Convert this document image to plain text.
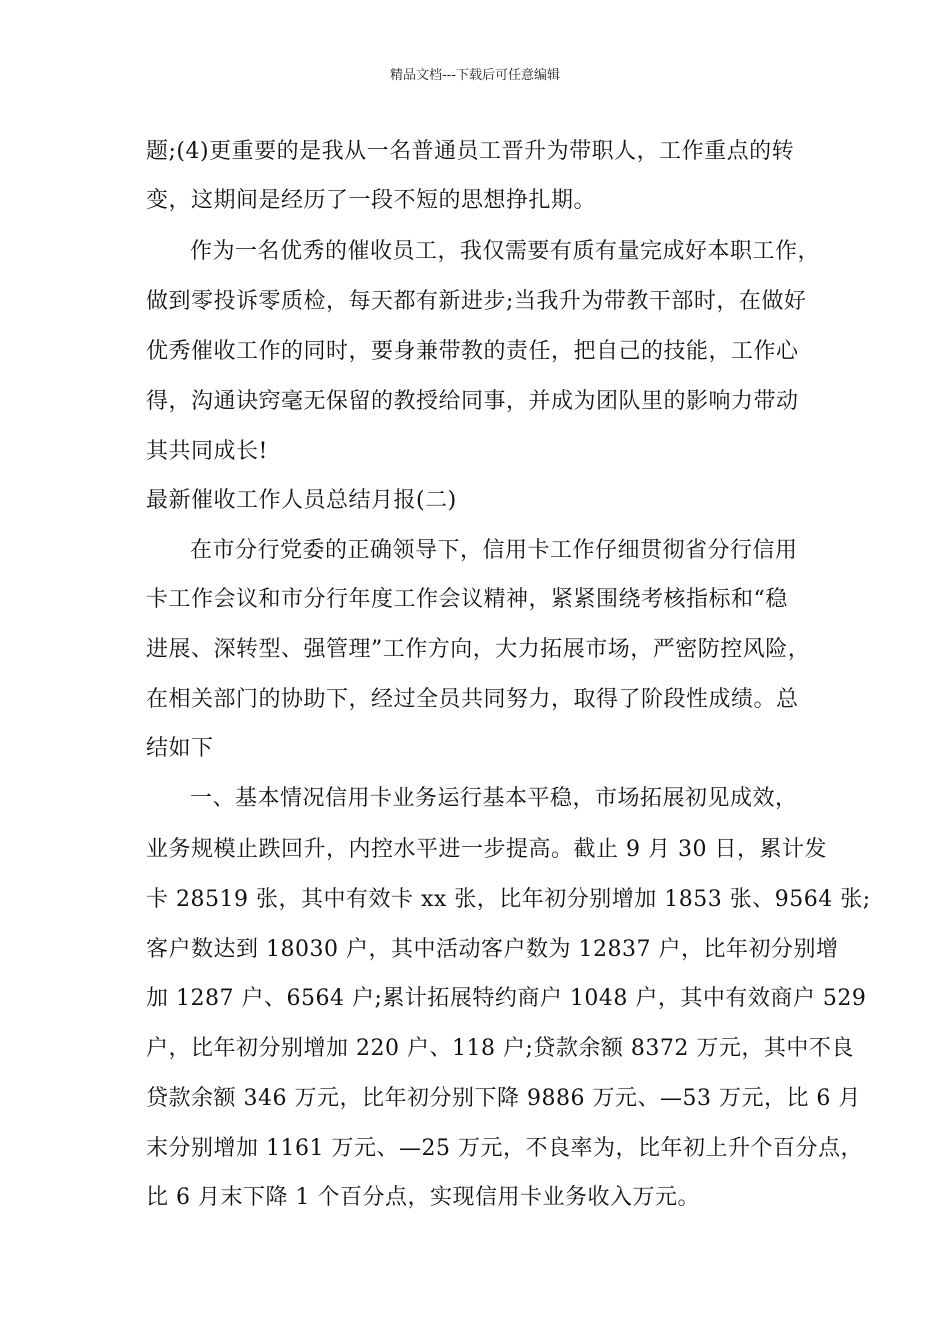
精品文档---下载后可任意编辑
题;(4)更重要的是我从一名普通员工晋升为带职人，工作重点的转
变，这期间是经历了一段不短的思想挣扎期。
作为一名优秀的催收员工，我仅需要有质有量完成好本职工作，
做到零投诉零质检，每天都有新进步;当我升为带教干部时，在做好
优秀催收工作的同时，要身兼带教的责任，把自己的技能，工作心
得，沟通诀窍毫无保留的教授给同事，并成为团队里的影响力带动
其共同成长!
最新催收工作人员总结月报(二)
在市分行党委的正确领导下，信用卡工作仔细贯彻省分行信用
卡工作会议和市分行年度工作会议精神，紧紧围绕考核指标和“稳
进展、深转型、强管理”工作方向，大力拓展市场，严密防控风险，
在相关部门的协助下，经过全员共同努力，取得了阶段性成绩。总
结如下
一、基本情况信用卡业务运行基本平稳，市场拓展初见成效，
业务规模止跌回升，内控水平进一步提高。截止 9 月 30 日，累计发
卡 28519 张，其中有效卡 xx 张，比年初分别增加 1853 张、9564 张;
客户数达到 18030 户，其中活动客户数为 12837 户，比年初分别增
加 1287 户、6564 户;累计拓展特约商户 1048 户，其中有效商户 529
户，比年初分别增加 220 户、118 户;贷款余额 8372 万元，其中不良
贷款余额 346 万元，比年初分别下降 9886 万元、—53 万元，比 6 月
末分别增加 1161 万元、—25 万元，不良率为，比年初上升个百分点，
比 6 月末下降 1 个百分点，实现信用卡业务收入万元。
